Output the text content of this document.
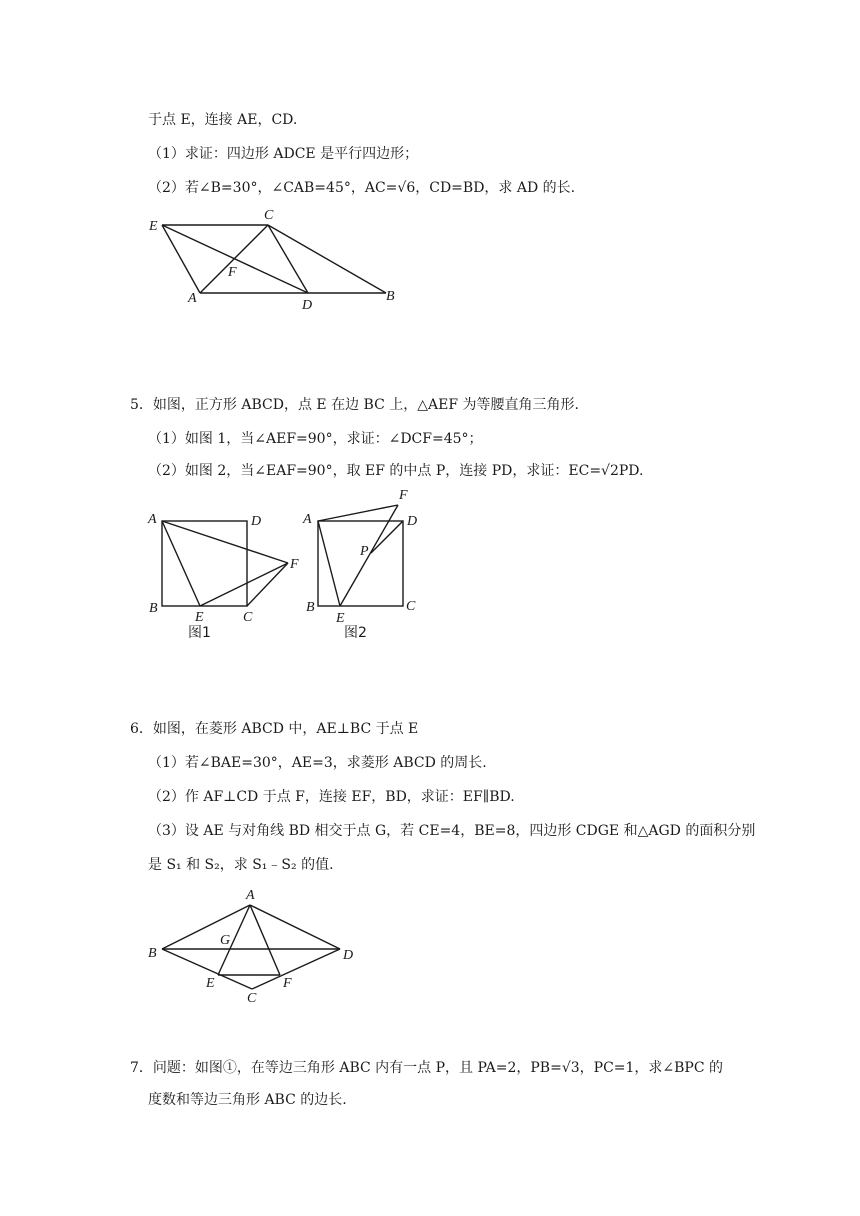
于点 E，连接 AE，CD.
（1）求证：四边形 ADCE 是平行四边形；
（2）若∠B=30°，∠CAB=45°，AC=√6，CD=BD，求 AD 的长.
E
C
F
A	D
B
5．如图，正方形 ABCD，点 E 在边 BC 上，△AEF 为等腰直角三角形.
（1）如图 1，当∠AEF=90°，求证：∠DCF=45°；
（2）如图 2，当∠EAF=90°，取 EF 的中点 P，连接 PD，求证：EC=√2PD.
A	D
B
E	C
F
图1
A	D
F
P
B
E
C
图2
6．如图，在菱形 ABCD 中，AE⊥BC 于点 E
（1）若∠BAE=30°，AE=3，求菱形 ABCD 的周长.
（2）作 AF⊥CD 于点 F，连接 EF，BD，求证：EF∥BD.
（3）设 AE 与对角线 BD 相交于点 G，若 CE=4，BE=8，四边形 CDGE 和△AGD 的面积分别
是 S₁ 和 S₂，求 S₁﹣S₂ 的值.
A
G
B	D
E	F
C
7．问题：如图①，在等边三角形 ABC 内有一点 P，且 PA=2，PB=√3，PC=1，求∠BPC 的
度数和等边三角形 ABC 的边长.
